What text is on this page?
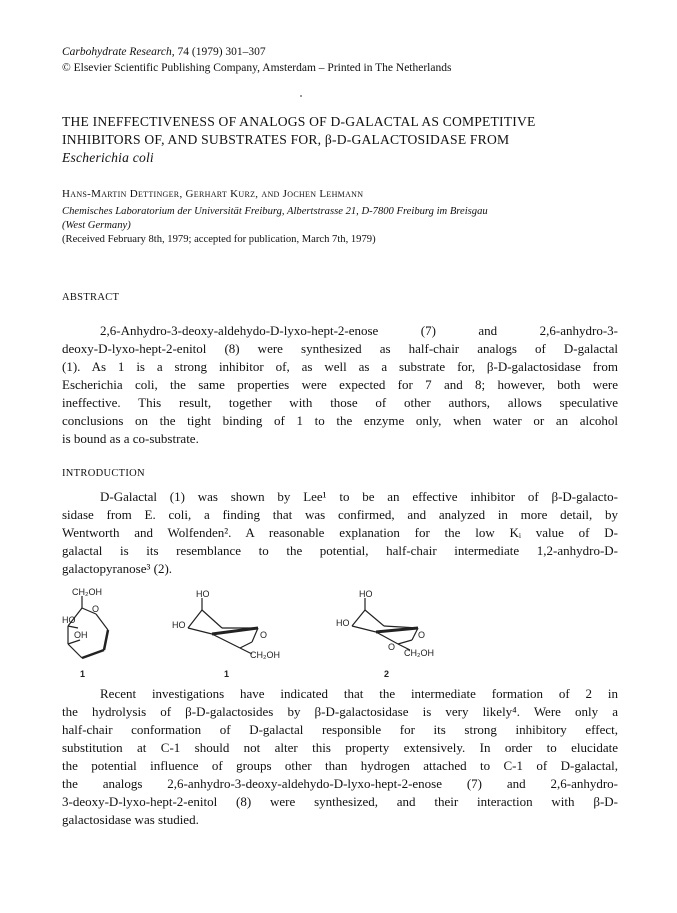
Carbohydrate Research, 74 (1979) 301–307
© Elsevier Scientific Publishing Company, Amsterdam – Printed in The Netherlands
THE INEFFECTIVENESS OF ANALOGS OF D-GALACTAL AS COMPETITIVE
INHIBITORS OF, AND SUBSTRATES FOR, β-D-GALACTOSIDASE FROM
Escherichia coli
Hans-Martin Dettinger, Gerhart Kurz, and Jochen Lehmann
Chemisches Laboratorium der Universität Freiburg, Albertstrasse 21, D-7800 Freiburg im Breisgau
(West Germany)
(Received February 8th, 1979; accepted for publication, March 7th, 1979)
ABSTRACT
2,6-Anhydro-3-deoxy-aldehydo-D-lyxo-hept-2-enose (7) and 2,6-anhydro-3-
deoxy-D-lyxo-hept-2-enitol (8) were synthesized as half-chair analogs of D-galactal
(1). As 1 is a strong inhibitor of, as well as a substrate for, β-D-galactosidase from
Escherichia coli, the same properties were expected for 7 and 8; however, both were
ineffective. This result, together with those of other authors, allows speculative
conclusions on the tight binding of 1 to the enzyme only, when water or an alcohol
is bound as a co-substrate.
INTRODUCTION
D-Galactal (1) was shown by Lee¹ to be an effective inhibitor of β-D-galacto-
sidase from E. coli, a finding that was confirmed, and analyzed in more detail, by
Wentworth and Wolfenden². A reasonable explanation for the low Kᵢ value of D-
galactal is its resemblance to the potential, half-chair intermediate 1,2-anhydro-D-
galactopyranose³ (2).
CH₂OH
O
HO
OH
1
HO
HO
O
CH₂OH
1
HO
HO
O
O
CH₂OH
2
Recent investigations have indicated that the intermediate formation of 2 in
the hydrolysis of β-D-galactosides by β-D-galactosidase is very likely⁴. Were only a
half-chair conformation of D-galactal responsible for its strong inhibitory effect,
substitution at C-1 should not alter this property extensively. In order to elucidate
the potential influence of groups other than hydrogen attached to C-1 of D-galactal,
the analogs 2,6-anhydro-3-deoxy-aldehydo-D-lyxo-hept-2-enose (7) and 2,6-anhydro-
3-deoxy-D-lyxo-hept-2-enitol (8) were synthesized, and their interaction with β-D-
galactosidase was studied.
